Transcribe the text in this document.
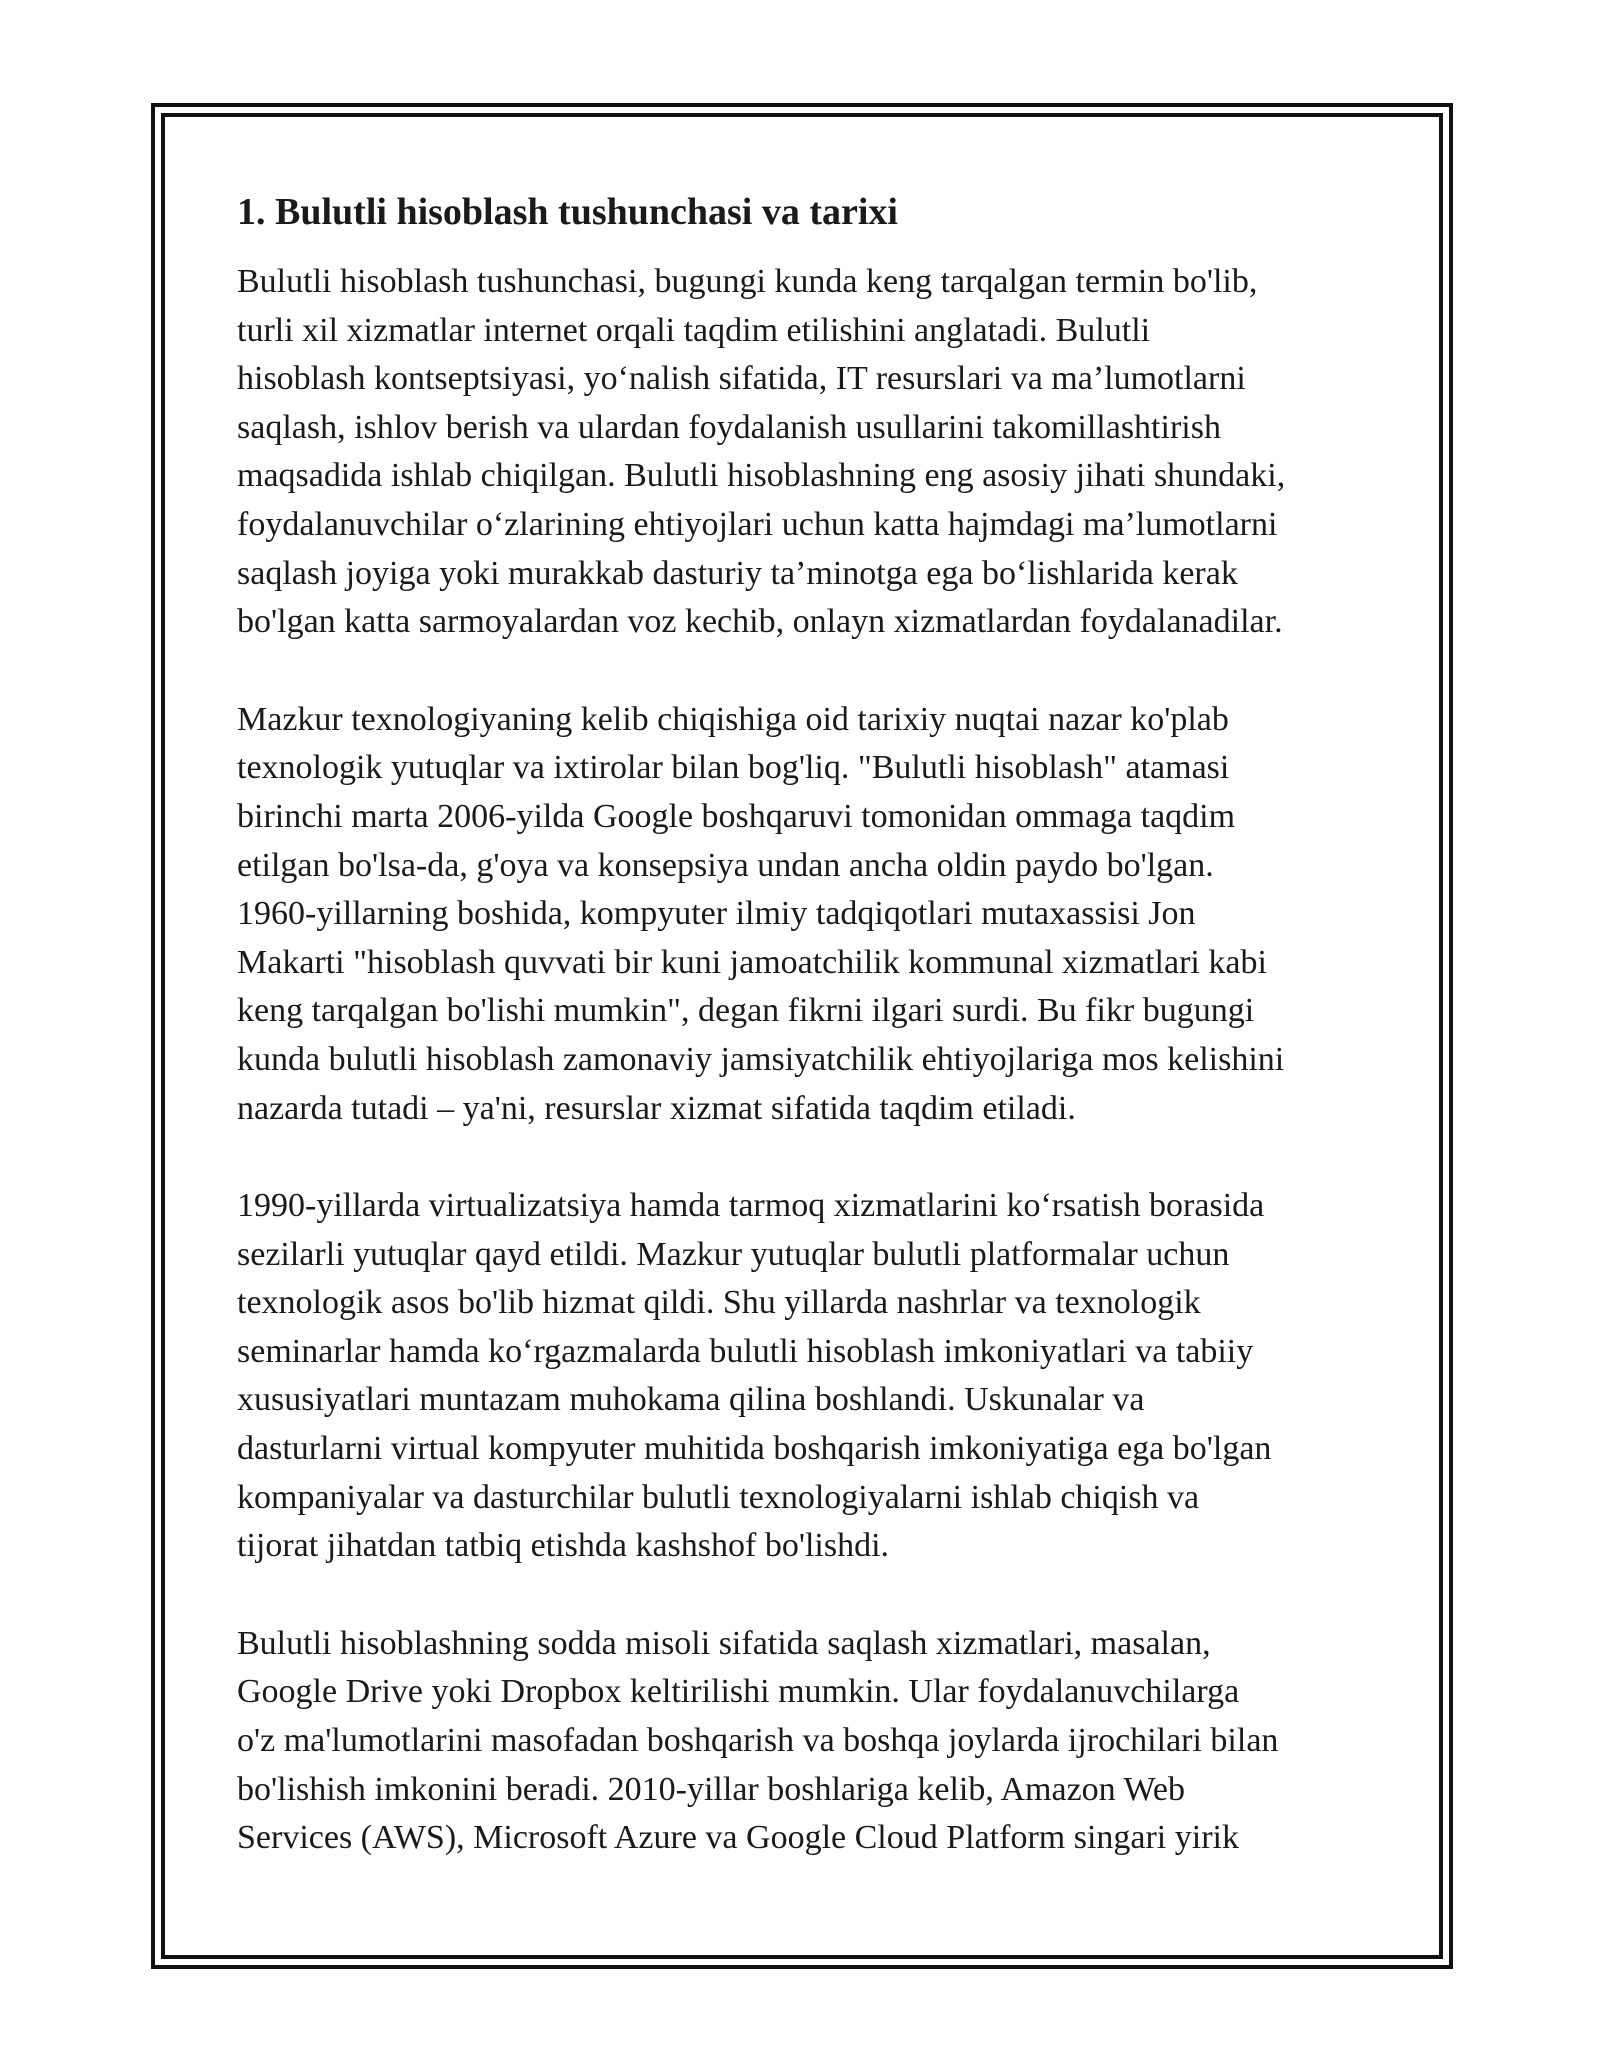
1. Bulutli hisoblash tushunchasi va tarixi
Bulutli hisoblash tushunchasi, bugungi kunda keng tarqalgan termin bo'lib,
turli xil xizmatlar internet orqali taqdim etilishini anglatadi. Bulutli
hisoblash kontseptsiyasi, yo‘nalish sifatida, IT resurslari va ma’lumotlarni
saqlash, ishlov berish va ulardan foydalanish usullarini takomillashtirish
maqsadida ishlab chiqilgan. Bulutli hisoblashning eng asosiy jihati shundaki,
foydalanuvchilar o‘zlarining ehtiyojlari uchun katta hajmdagi ma’lumotlarni
saqlash joyiga yoki murakkab dasturiy ta’minotga ega bo‘lishlarida kerak
bo'lgan katta sarmoyalardan voz kechib, onlayn xizmatlardan foydalanadilar.
Mazkur texnologiyaning kelib chiqishiga oid tarixiy nuqtai nazar ko'plab
texnologik yutuqlar va ixtirolar bilan bog'liq. "Bulutli hisoblash" atamasi
birinchi marta 2006-yilda Google boshqaruvi tomonidan ommaga taqdim
etilgan bo'lsa-da, g'oya va konsepsiya undan ancha oldin paydo bo'lgan.
1960-yillarning boshida, kompyuter ilmiy tadqiqotlari mutaxassisi Jon
Makarti "hisoblash quvvati bir kuni jamoatchilik kommunal xizmatlari kabi
keng tarqalgan bo'lishi mumkin", degan fikrni ilgari surdi. Bu fikr bugungi
kunda bulutli hisoblash zamonaviy jamsiyatchilik ehtiyojlariga mos kelishini
nazarda tutadi – ya'ni, resurslar xizmat sifatida taqdim etiladi.
1990-yillarda virtualizatsiya hamda tarmoq xizmatlarini ko‘rsatish borasida
sezilarli yutuqlar qayd etildi. Mazkur yutuqlar bulutli platformalar uchun
texnologik asos bo'lib hizmat qildi. Shu yillarda nashrlar va texnologik
seminarlar hamda ko‘rgazmalarda bulutli hisoblash imkoniyatlari va tabiiy
xususiyatlari muntazam muhokama qilina boshlandi. Uskunalar va
dasturlarni virtual kompyuter muhitida boshqarish imkoniyatiga ega bo'lgan
kompaniyalar va dasturchilar bulutli texnologiyalarni ishlab chiqish va
tijorat jihatdan tatbiq etishda kashshof bo'lishdi.
Bulutli hisoblashning sodda misoli sifatida saqlash xizmatlari, masalan,
Google Drive yoki Dropbox keltirilishi mumkin. Ular foydalanuvchilarga
o'z ma'lumotlarini masofadan boshqarish va boshqa joylarda ijrochilari bilan
bo'lishish imkonini beradi. 2010-yillar boshlariga kelib, Amazon Web
Services (AWS), Microsoft Azure va Google Cloud Platform singari yirik
